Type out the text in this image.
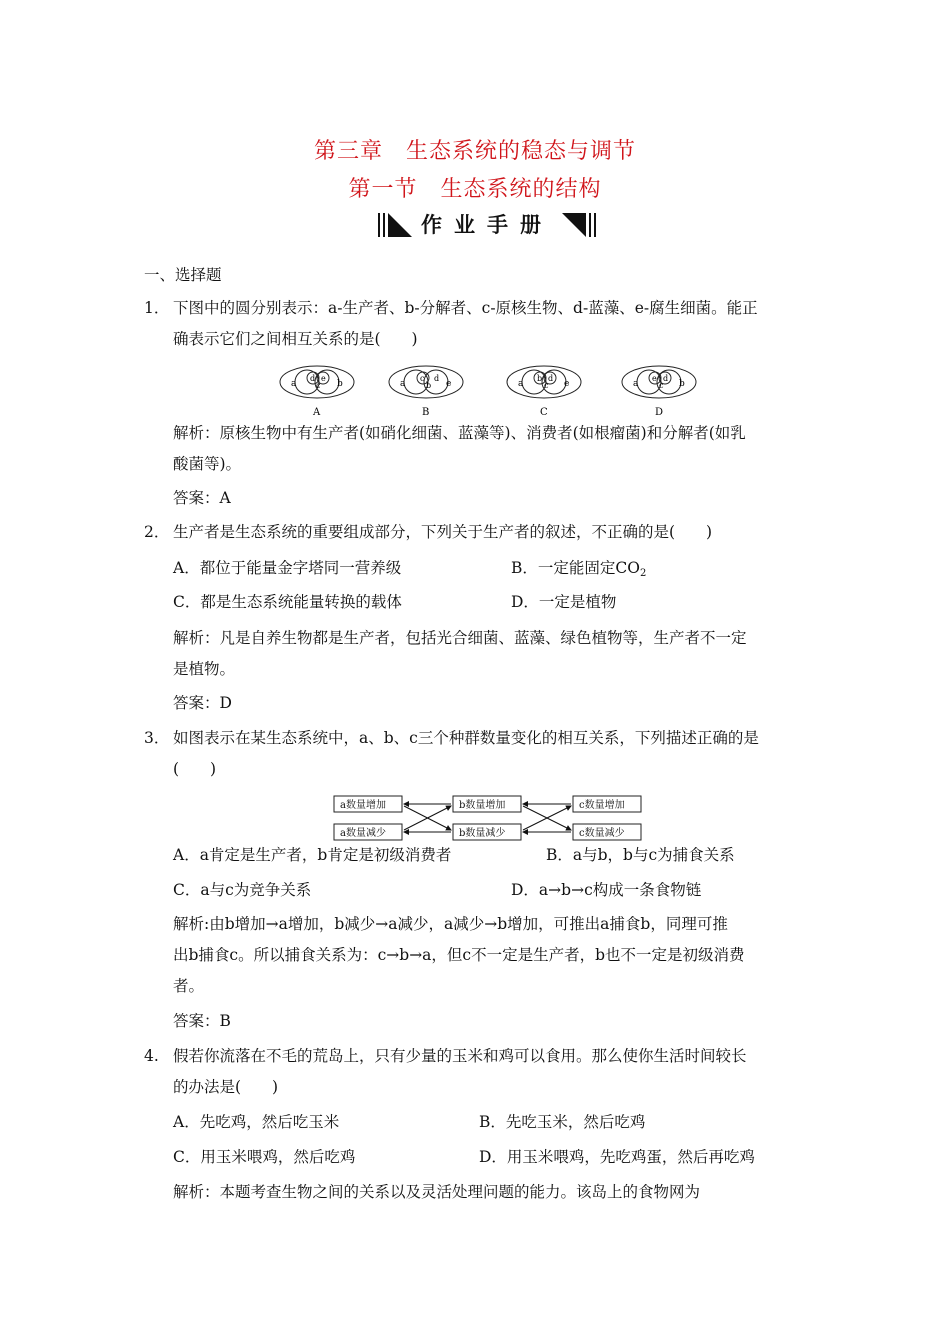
第三章　生态系统的稳态与调节
第一节　生态系统的结构
作业手册
一、选择题
1． 下图中的圆分别表示：a-生产者、b-分解者、c-原核生物、d-蓝藻、e-腐生细菌。能正
确表示它们之间相互关系的是(　　)
a
d
c
e
b
A
a
c
b
d
e
B
a
b
c
d
e
C
a
e
c
d
b
D
解析：原核生物中有生产者(如硝化细菌、蓝藻等)、消费者(如根瘤菌)和分解者(如乳
酸菌等)。
答案：A
2． 生产者是生态系统的重要组成部分，下列关于生产者的叙述，不正确的是(　　)
A．都位于能量金字塔同一营养级	B．一定能固定$CO_2$
C．都是生态系统能量转换的载体	D．一定是植物
解析：凡是自养生物都是生产者，包括光合细菌、蓝藻、绿色植物等，生产者不一定
是植物。
答案：D
3． 如图表示在某生态系统中，a、b、c三个种群数量变化的相互关系，下列描述正确的是
(　　)
a数量增加	b数量增加	c数量增加
a数量减少	b数量减少	c数量减少
A．a肯定是生产者，b肯定是初级消费者	B．a与b，b与c为捕食关系
C．a与c为竞争关系	D．a→b→c构成一条食物链
解析:由b增加→a增加，b减少→a减少，a减少→b增加，可推出a捕食b，同理可推
出b捕食c。所以捕食关系为：c→b→a，但c不一定是生产者，b也不一定是初级消费
者。
答案：B
4. 假若你流落在不毛的荒岛上，只有少量的玉米和鸡可以食用。那么使你生活时间较长
的办法是(　　)
A．先吃鸡，然后吃玉米	B．先吃玉米，然后吃鸡
C．用玉米喂鸡，然后吃鸡	D．用玉米喂鸡，先吃鸡蛋，然后再吃鸡
解析：本题考查生物之间的关系以及灵活处理问题的能力。该岛上的食物网为
